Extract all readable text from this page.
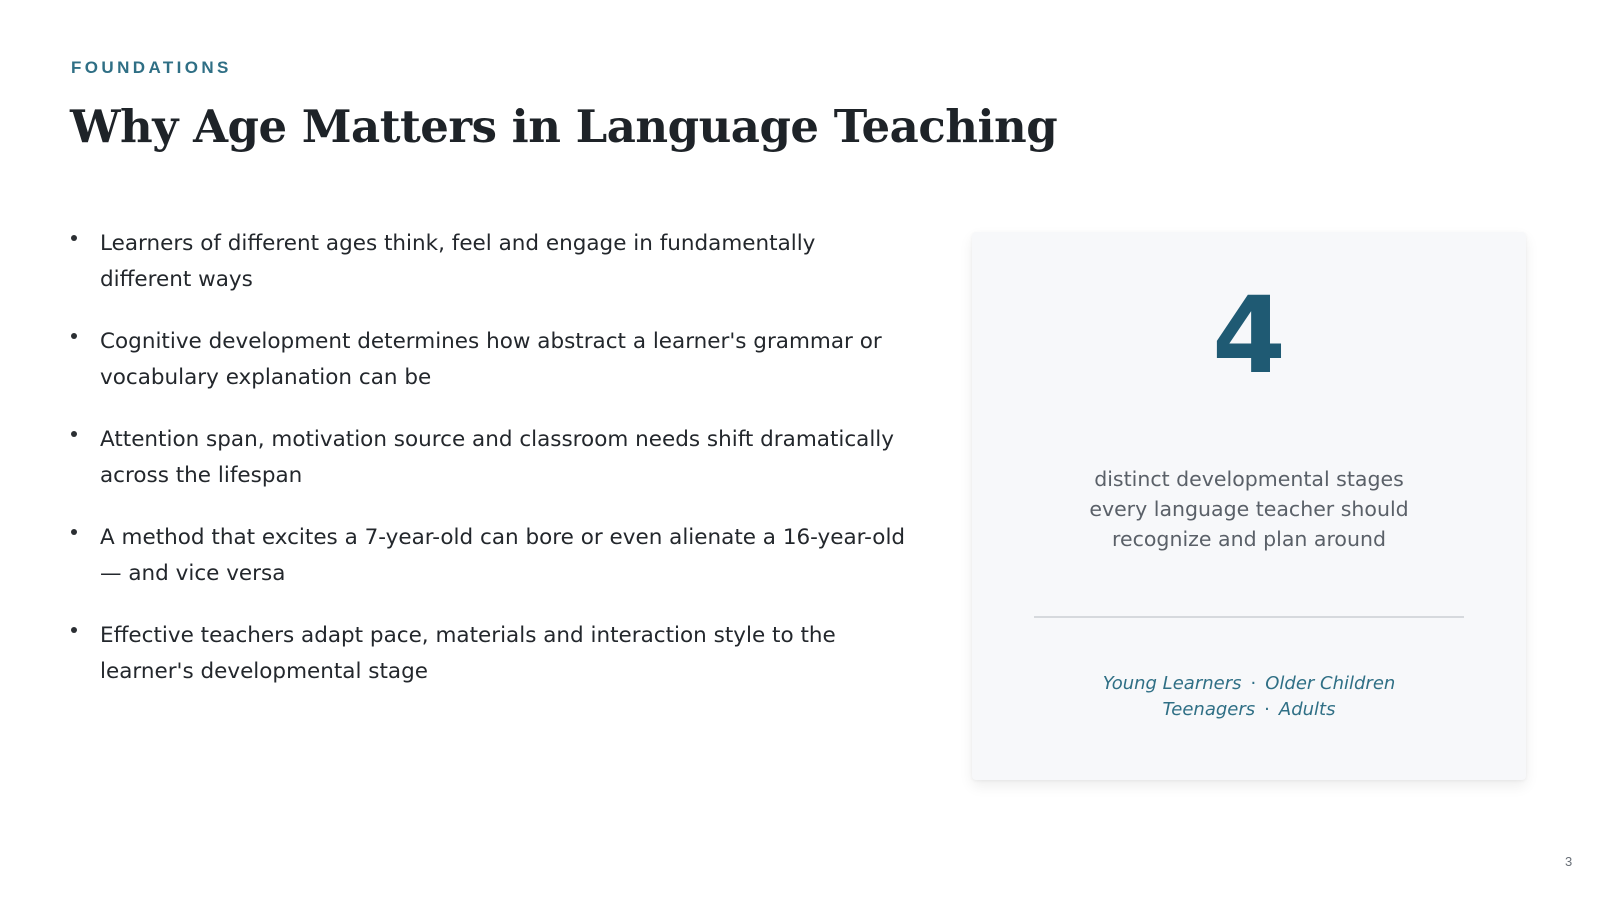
FOUNDATIONS
Why Age Matters in Language Teaching
Learners of different ages think, feel and engage in fundamentally different ways
Cognitive development determines how abstract a learner's grammar or vocabulary explanation can be
Attention span, motivation source and classroom needs shift dramatically across the lifespan
A method that excites a 7-year-old can bore or even alienate a 16-year-old — and vice versa
Effective teachers adapt pace, materials and interaction style to the learner's developmental stage
4
distinct developmental stages every language teacher should recognize and plan around
Young Learners · Older Children
Teenagers · Adults
3
